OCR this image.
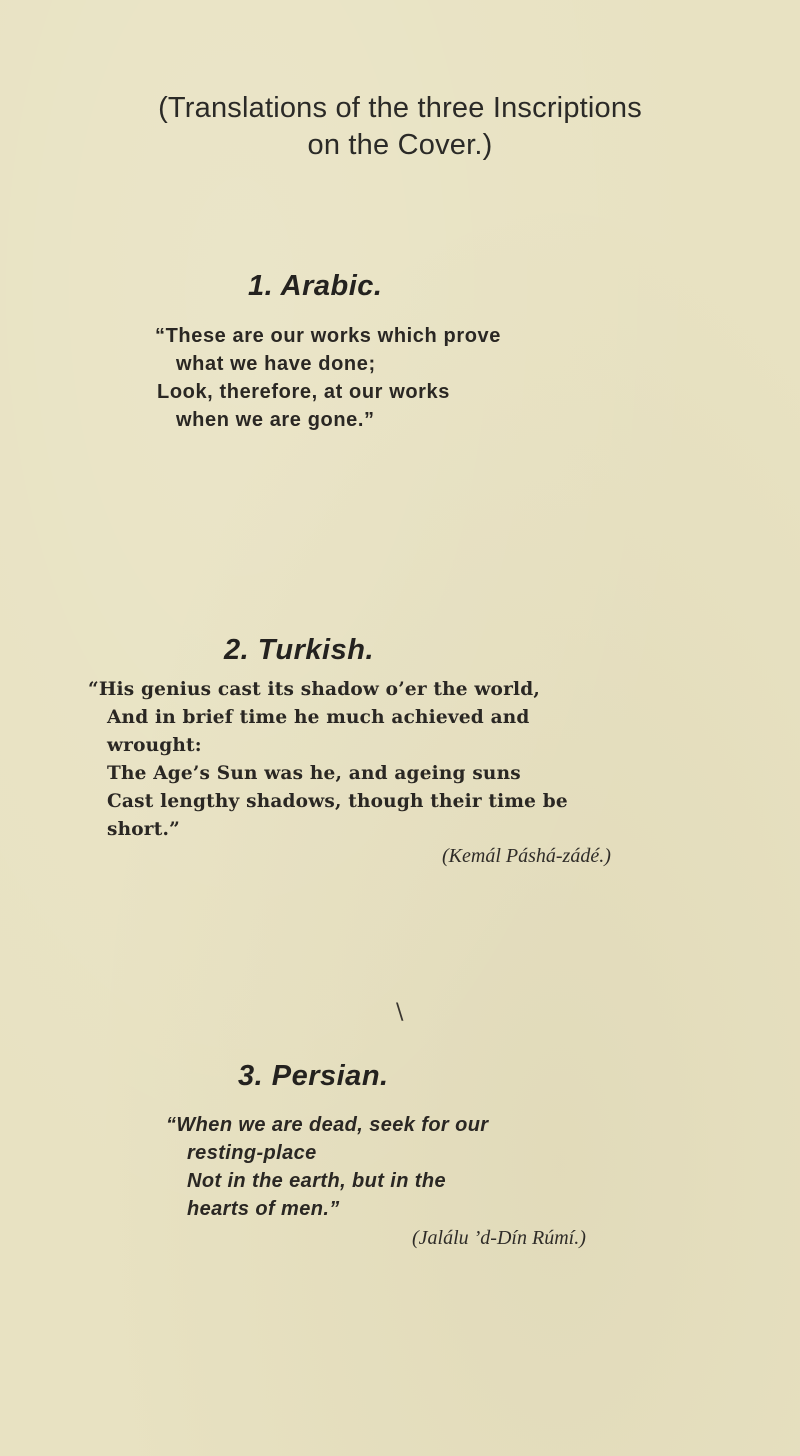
(Translations of the three Inscriptions
on the Cover.)
1. Arabic.
“These are our works which prove
what we have done;
Look, therefore, at our works
when we are gone.”
2. Turkish.
“His genius cast its shadow o’er the world,
And in brief time he much achieved and
wrought:
The Age’s Sun was he, and ageing suns
Cast lengthy shadows, though their time be
short.”
(Kemál Páshá-zádé.)
\
3. Persian.
“When we are dead, seek for our
resting-place
Not in the earth, but in the
hearts of men.”
(Jalálu ’d-Dín Rúmí.)
